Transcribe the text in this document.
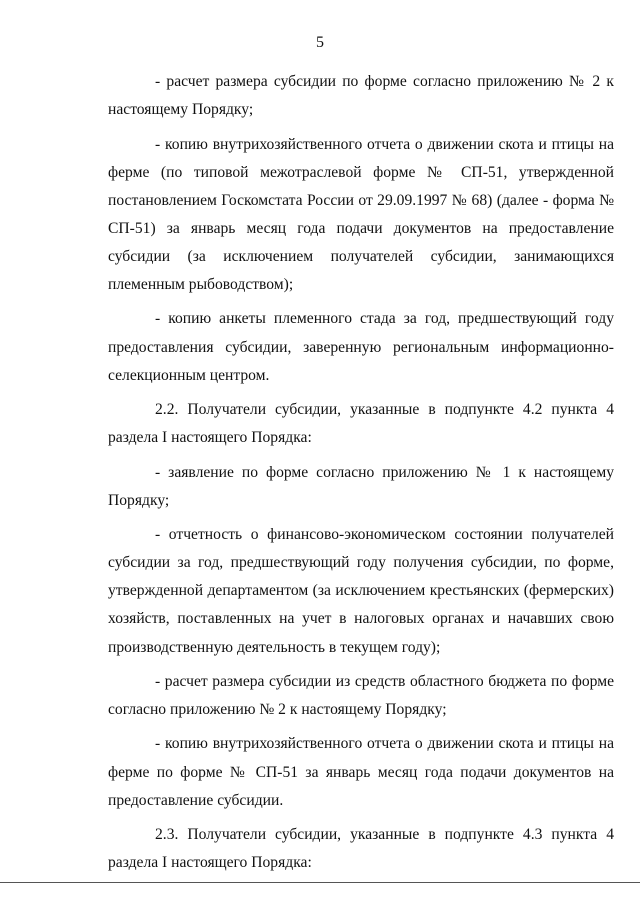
5

- расчет размера субсидии по форме согласно приложению № 2 к настоящему Порядку;

- копию внутрихозяйственного отчета о движении скота и птицы на ферме (по типовой межотраслевой форме № СП-51, утвержденной постановлением Госкомстата России от 29.09.1997 № 68) (далее - форма № СП-51) за январь месяц года подачи документов на предоставление субсидии (за исключением получателей субсидии, занимающихся племенным рыбоводством);

- копию анкеты племенного стада за год, предшествующий году предоставления субсидии, заверенную региональным информационно-селекционным центром.

2.2. Получатели субсидии, указанные в подпункте 4.2 пункта 4 раздела I настоящего Порядка:

- заявление по форме согласно приложению № 1 к настоящему Порядку;

- отчетность о финансово-экономическом состоянии получателей субсидии за год, предшествующий году получения субсидии, по форме, утвержденной департаментом (за исключением крестьянских (фермерских) хозяйств, поставленных на учет в налоговых органах и начавших свою производственную деятельность в текущем году);

- расчет размера субсидии из средств областного бюджета по форме согласно приложению № 2 к настоящему Порядку;

- копию внутрихозяйственного отчета о движении скота и птицы на ферме по форме № СП-51 за январь месяц года подачи документов на предоставление субсидии.

2.3. Получатели субсидии, указанные в подпункте 4.3 пункта 4 раздела I настоящего Порядка:
